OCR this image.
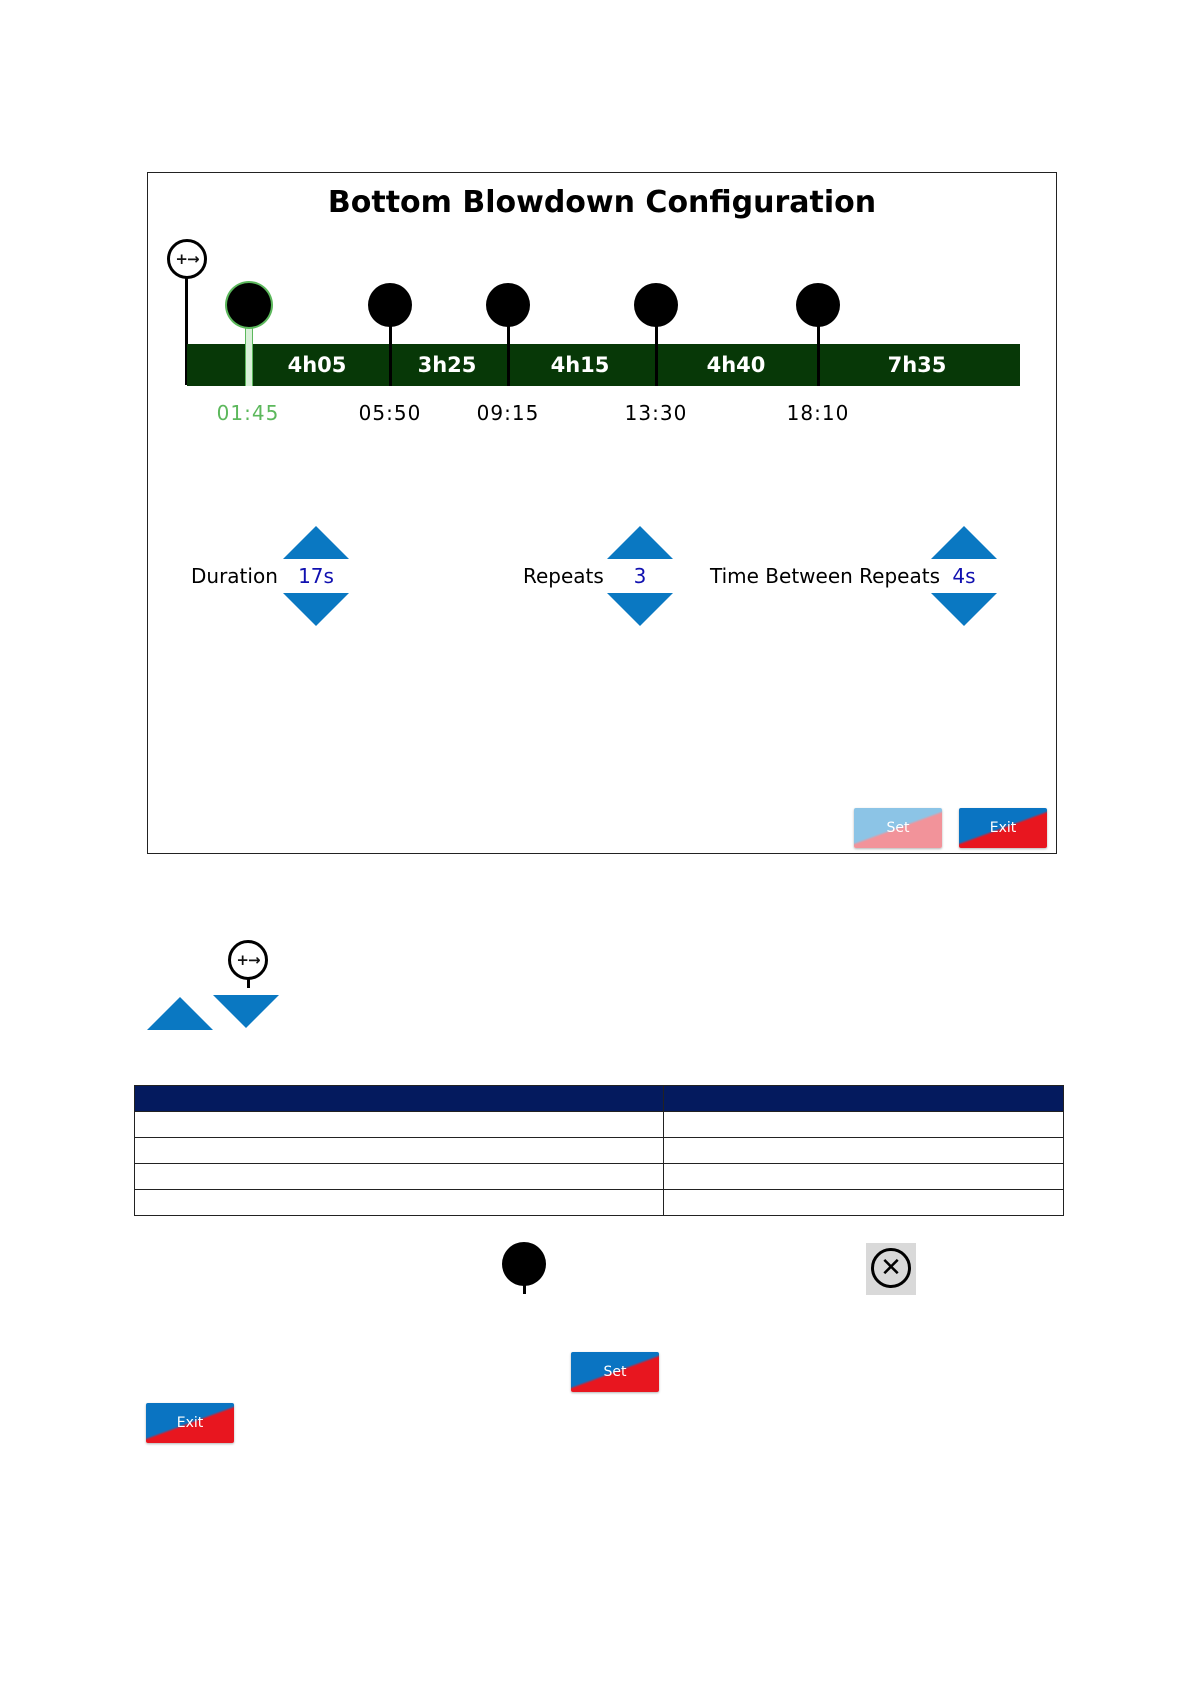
Bottom Blowdown Configuration
+→
4h05	3h25	4h15	4h40	7h35
01:45	05:50	09:15	13:30	18:10
Duration	17s	Repeats	3	Time Between Repeats 4s
Set	Exit
+→

✕
Set
Exit
